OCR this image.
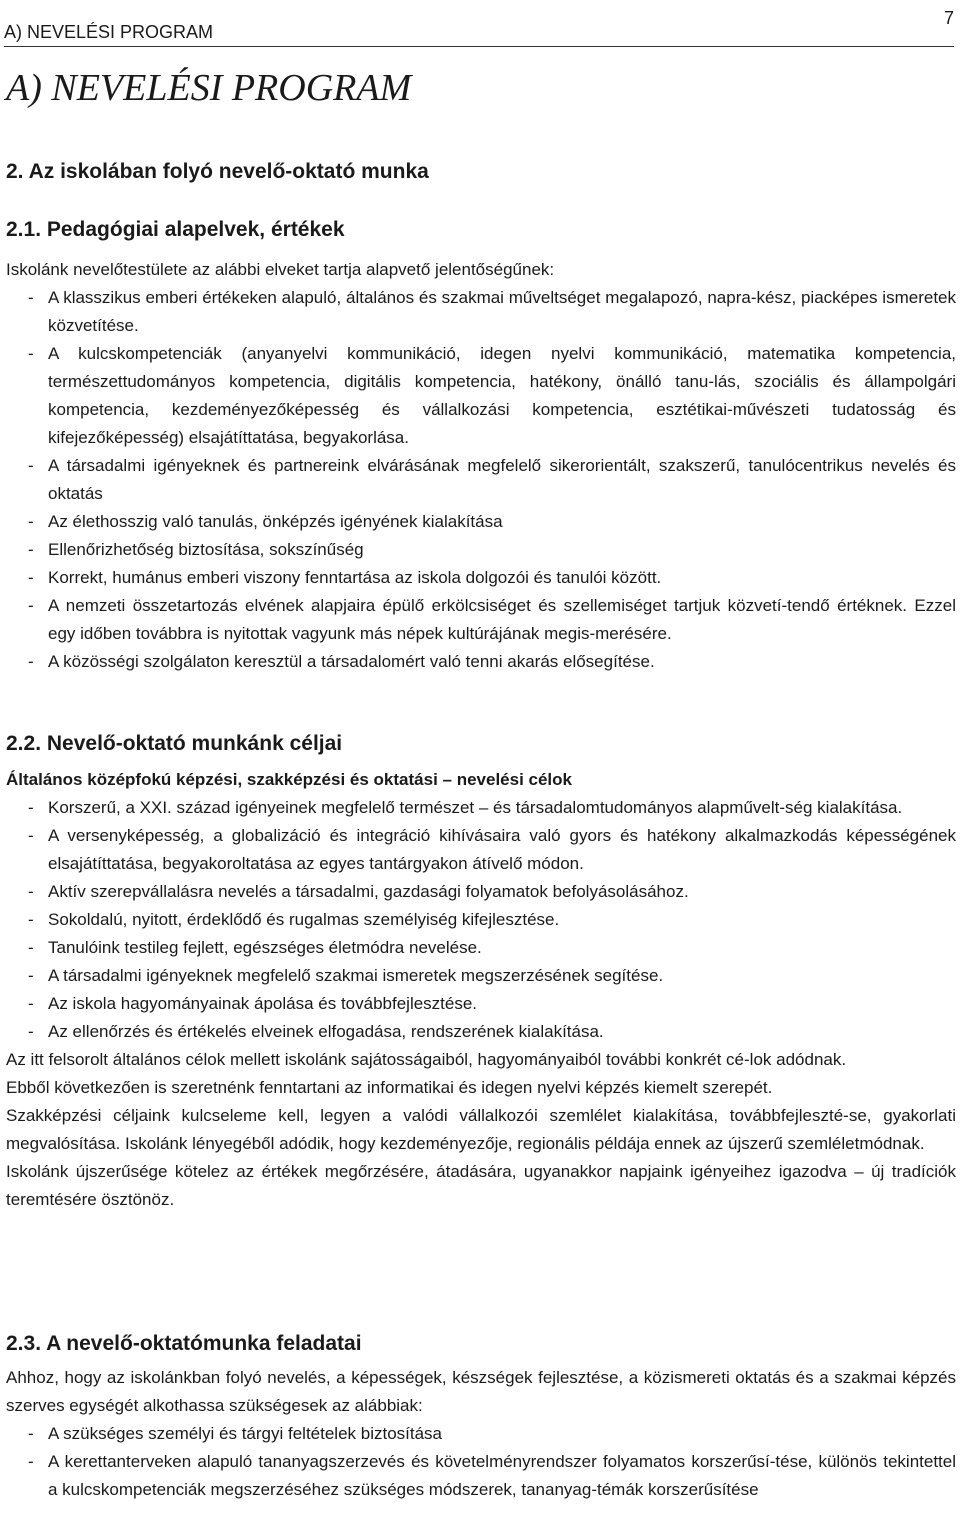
A) NEVELÉSI PROGRAM
7
A) NEVELÉSI PROGRAM
2. Az iskolában folyó nevelő-oktató munka
2.1. Pedagógiai alapelvek, értékek

Iskolánk nevelőtestülete az alábbi elveket tartja alapvető jelentőségűnek:

- A klasszikus emberi értékeken alapuló, általános és szakmai műveltséget megalapozó, napra-kész, piacképes ismeretek közvetítése.
- A kulcskompetenciák (anyanyelvi kommunikáció, idegen nyelvi kommunikáció, matematika kompetencia, természettudományos kompetencia, digitális kompetencia, hatékony, önálló tanu-lás, szociális és állampolgári kompetencia, kezdeményezőképesség és vállalkozási kompetencia, esztétikai-művészeti tudatosság és kifejezőképesség) elsajátíttatása, begyakorlása.
- A társadalmi igényeknek és partnereink elvárásának megfelelő sikerorientált, szakszerű, tanulócentrikus nevelés és oktatás
- Az élethosszig való tanulás, önképzés igényének kialakítása
- Ellenőrizhetőség biztosítása, sokszínűség
- Korrekt, humánus emberi viszony fenntartása az iskola dolgozói és tanulói között.
- A nemzeti összetartozás elvének alapjaira épülő erkölcsiséget és szellemiséget tartjuk közvetí-tendő értéknek. Ezzel egy időben továbbra is nyitottak vagyunk más népek kultúrájának megis-merésére.
- A közösségi szolgálaton keresztül a társadalomért való tenni akarás elősegítése.
2.2. Nevelő-oktató munkánk céljai

Általános középfokú képzési, szakképzési és oktatási – nevelési célok

- Korszerű, a XXI. század igényeinek megfelelő természet – és társadalomtudományos alapművelt-ség kialakítása.
- A versenyképesség, a globalizáció és integráció kihívásaira való gyors és hatékony alkalmazkodás képességének elsajátíttatása, begyakoroltatása az egyes tantárgyakon átívelő módon.
- Aktív szerepvállalásra nevelés a társadalmi, gazdasági folyamatok befolyásolásához.
- Sokoldalú, nyitott, érdeklődő és rugalmas személyiség kifejlesztése.
- Tanulóink testileg fejlett, egészséges életmódra nevelése.
- A társadalmi igényeknek megfelelő szakmai ismeretek megszerzésének segítése.
- Az iskola hagyományainak ápolása és továbbfejlesztése.
- Az ellenőrzés és értékelés elveinek elfogadása, rendszerének kialakítása.

Az itt felsorolt általános célok mellett iskolánk sajátosságaiból, hagyományaiból további konkrét cé-lok adódnak.

Ebből következően is szeretnénk fenntartani az informatikai és idegen nyelvi képzés kiemelt szerepét.

Szakképzési céljaink kulcseleme kell, legyen a valódi vállalkozói szemlélet kialakítása, továbbfejleszté-se, gyakorlati megvalósítása. Iskolánk lényegéből adódik, hogy kezdeményezője, regionális példája ennek az újszerű szemléletmódnak.

Iskolánk újszerűsége kötelez az értékek megőrzésére, átadására, ugyanakkor napjaink igényeihez igazodva – új tradíciók teremtésére ösztönöz.

2.3. A nevelő-oktatómunka feladatai

Ahhoz, hogy az iskolánkban folyó nevelés, a képességek, készségek fejlesztése, a közismereti oktatás és a szakmai képzés szerves egységét alkothassa szükségesek az alábbiak:

- A szükséges személyi és tárgyi feltételek biztosítása
- A kerettanterveken alapuló tananyagszerzevés és követelményrendszer folyamatos korszerűsí-tése, különös tekintettel a kulcskompetenciák megszerzéséhez szükséges módszerek, tananyag-témák korszerűsítése
